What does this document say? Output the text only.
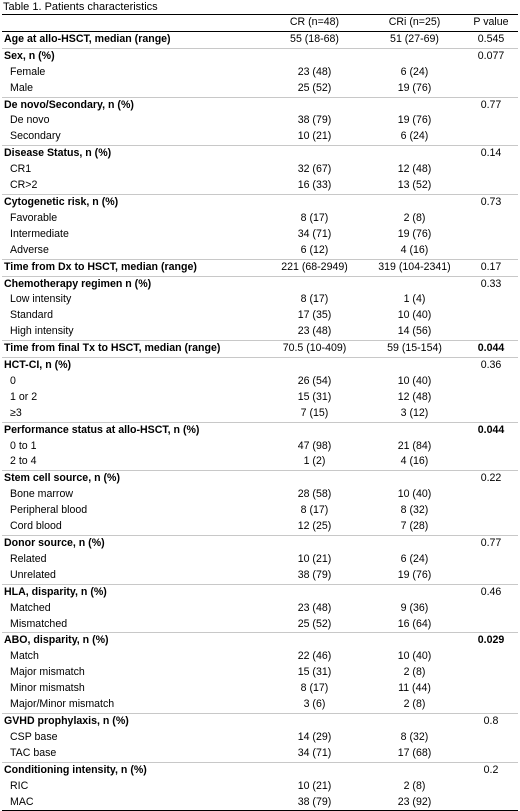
Table 1. Patients characteristics
	CR (n=48)	CRi (n=25)	P value
Age at allo-HSCT, median (range)	55 (18-68)	51 (27-69)	0.545
Sex, n (%)			0.077
Female	23 (48)	6 (24)	
Male	25 (52)	19 (76)	
De novo/Secondary, n (%)			0.77
De novo	38 (79)	19 (76)	
Secondary	10 (21)	6 (24)	
Disease Status, n (%)			0.14
CR1	32 (67)	12 (48)	
CR>2	16 (33)	13 (52)	
Cytogenetic risk, n (%)			0.73
Favorable	8 (17)	2 (8)	
Intermediate	34 (71)	19 (76)	
Adverse	6 (12)	4 (16)	
Time from Dx to HSCT, median (range)	221 (68-2949)	319 (104-2341)	0.17
Chemotherapy regimen n (%)			0.33
Low intensity	8 (17)	1 (4)	
Standard	17 (35)	10 (40)	
High intensity	23 (48)	14 (56)	
Time from final Tx to HSCT, median (range)	70.5 (10-409)	59 (15-154)	0.044
HCT-CI, n (%)			0.36
0	26 (54)	10 (40)	
1 or 2	15 (31)	12 (48)	
≥3	7 (15)	3 (12)	
Performance status at allo-HSCT, n (%)			0.044
0 to 1	47 (98)	21 (84)	
2 to 4	1 (2)	4 (16)	
Stem cell source, n (%)			0.22
Bone marrow	28 (58)	10 (40)	
Peripheral blood	8 (17)	8 (32)	
Cord blood	12 (25)	7 (28)	
Donor source, n (%)			0.77
Related	10 (21)	6 (24)	
Unrelated	38 (79)	19 (76)	
HLA, disparity, n (%)			0.46
Matched	23 (48)	9 (36)	
Mismatched	25 (52)	16 (64)	
ABO, disparity, n (%)			0.029
Match	22 (46)	10 (40)	
Major mismatch	15 (31)	2 (8)	
Minor mismatsh	8 (17)	11 (44)	
Major/Minor mismatch	3 (6)	2 (8)	
GVHD prophylaxis, n (%)			0.8
CSP base	14 (29)	8 (32)	
TAC base	34 (71)	17 (68)	
Conditioning intensity, n (%)			0.2
RIC	10 (21)	2 (8)	
MAC	38 (79)	23 (92)	
